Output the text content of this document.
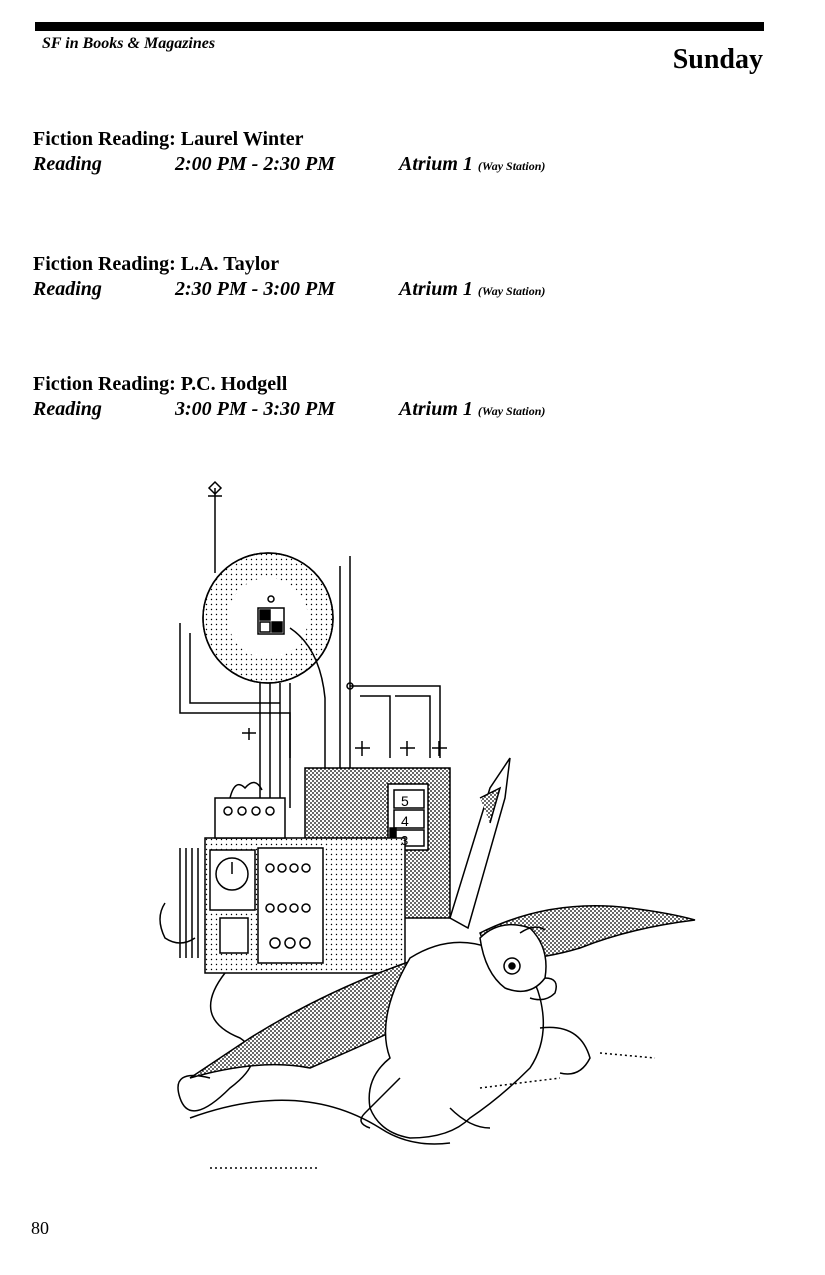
SF in Books & Magazines
Sunday
Fiction Reading: Laurel Winter
Reading	2:00 PM - 2:30 PM	Atrium 1 (Way Station)
Fiction Reading: L.A. Taylor
Reading	2:30 PM - 3:00 PM	Atrium 1 (Way Station)
Fiction Reading: P.C. Hodgell
Reading	3:00 PM - 3:30 PM	Atrium 1 (Way Station)
5
4
3
80
